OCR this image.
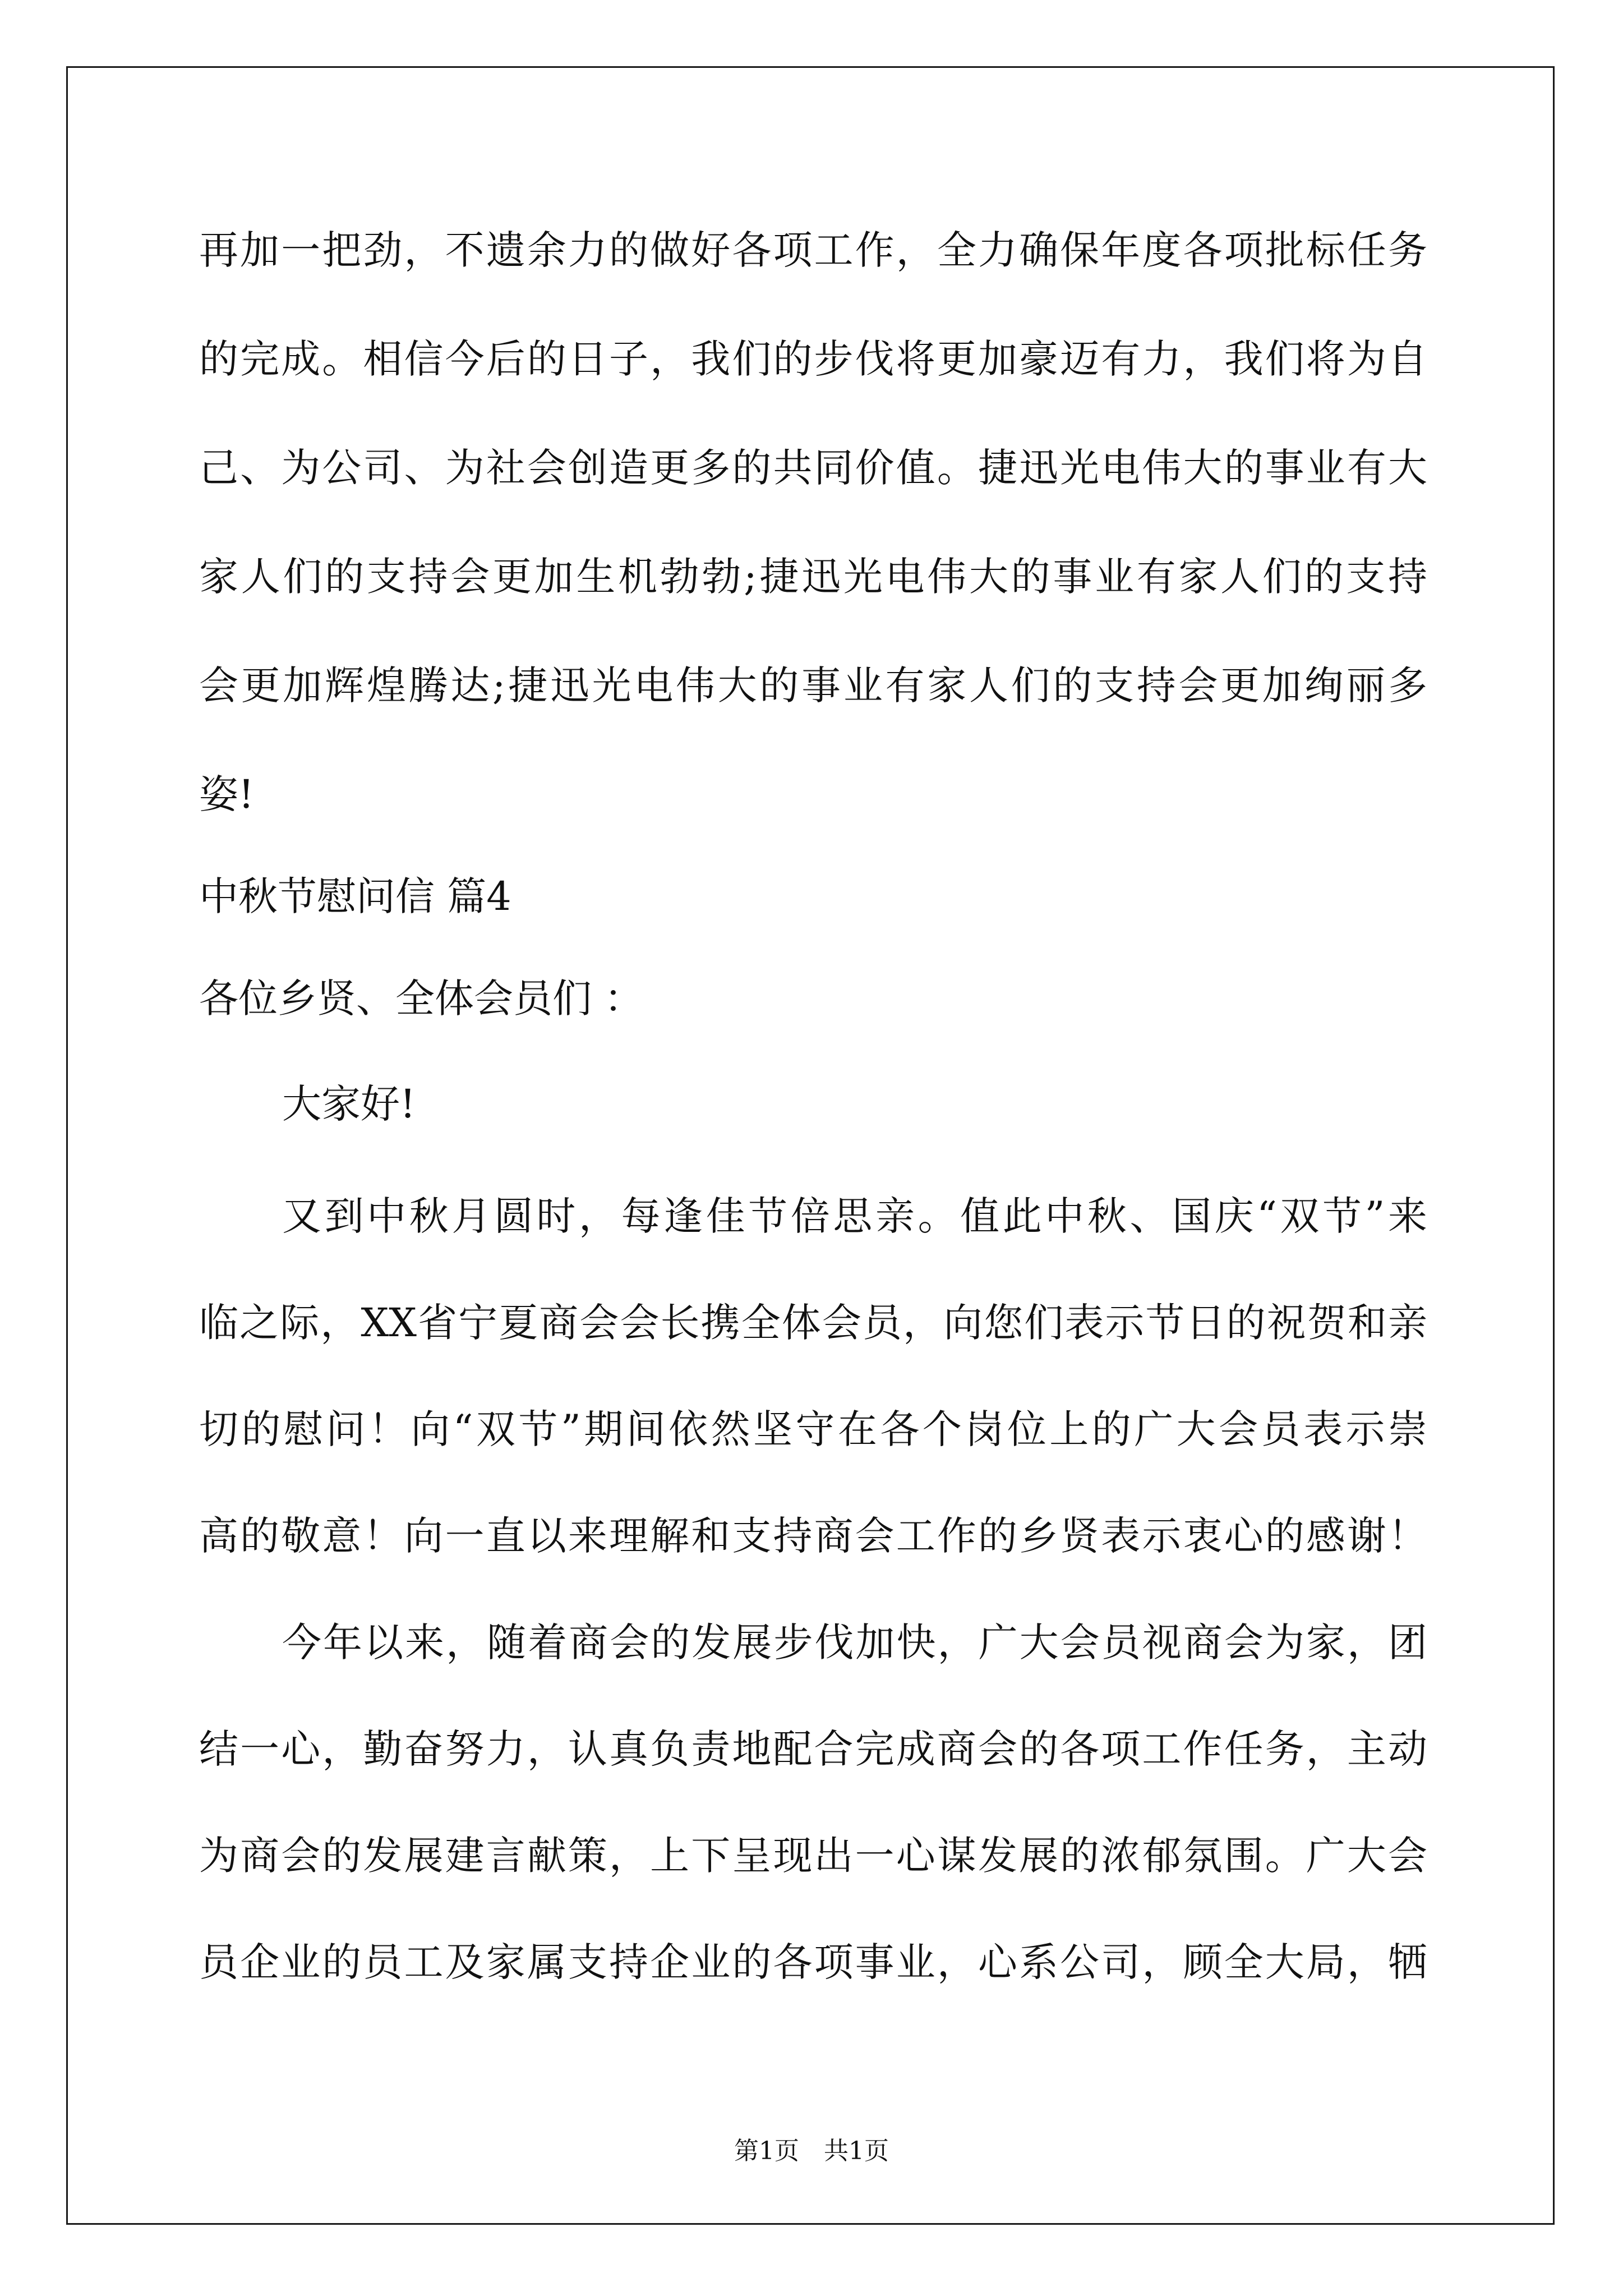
再加一把劲，不遗余力的做好各项工作，全力确保年度各项批标任务
的完成。相信今后的日子，我们的步伐将更加豪迈有力，我们将为自
己、为公司、为社会创造更多的共同价值。捷迅光电伟大的事业有大
家人们的支持会更加生机勃勃;捷迅光电伟大的事业有家人们的支持
会更加辉煌腾达;捷迅光电伟大的事业有家人们的支持会更加绚丽多
姿!
中秋节慰问信 篇4
各位乡贤、全体会员们 ：
大家好!
又到中秋月圆时，每逢佳节倍思亲。值此中秋、国庆“双节”来
临之际，XX省宁夏商会会长携全体会员，向您们表示节日的祝贺和亲
切的慰问！向“双节”期间依然坚守在各个岗位上的广大会员表示崇
高的敬意！向一直以来理解和支持商会工作的乡贤表示衷心的感谢！
今年以来，随着商会的发展步伐加快，广大会员视商会为家，团
结一心，勤奋努力，认真负责地配合完成商会的各项工作任务，主动
为商会的发展建言献策，上下呈现出一心谋发展的浓郁氛围。广大会
员企业的员工及家属支持企业的各项事业，心系公司，顾全大局，牺
第1页　共1页
